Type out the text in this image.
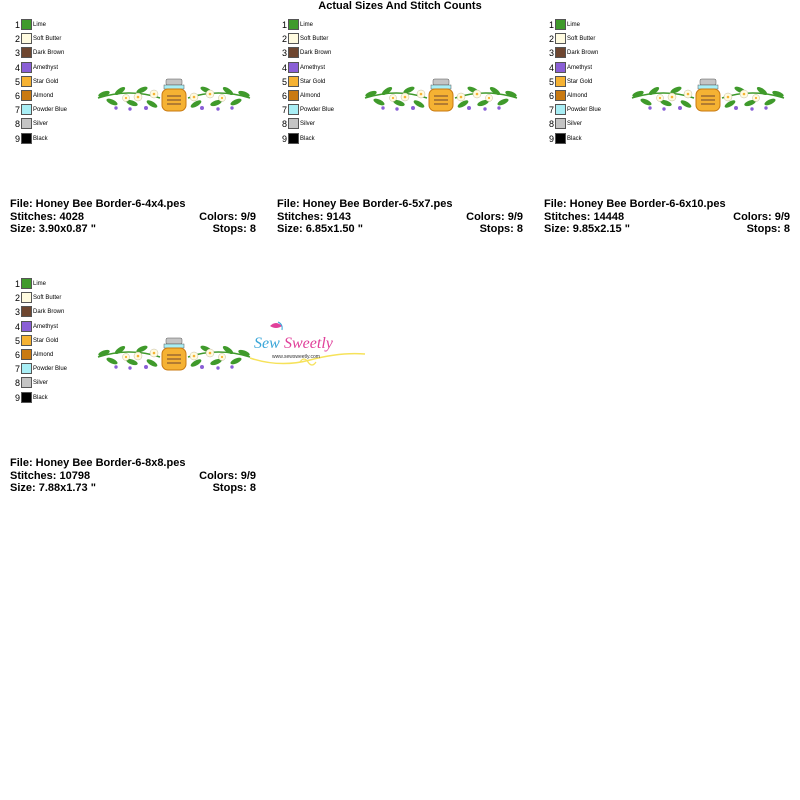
Actual Sizes And Stitch Counts
1 Lime
2 Soft Butter
3 Dark Brown
4 Amethyst
5 Star Gold
6 Almond
7 Powder Blue
8 Silver
9 Black
File: Honey Bee Border-6-4x4.pes
Stitches: 4028	Colors: 9/9
Size: 3.90x0.87 "	Stops: 8
1 Lime
2 Soft Butter
3 Dark Brown
4 Amethyst
5 Star Gold
6 Almond
7 Powder Blue
8 Silver
9 Black
File: Honey Bee Border-6-5x7.pes
Stitches: 9143	Colors: 9/9
Size: 6.85x1.50 "	Stops: 8
1 Lime
2 Soft Butter
3 Dark Brown
4 Amethyst
5 Star Gold
6 Almond
7 Powder Blue
8 Silver
9 Black
File: Honey Bee Border-6-6x10.pes
Stitches: 14448	Colors: 9/9
Size: 9.85x2.15 "	Stops: 8
1 Lime
2 Soft Butter
3 Dark Brown
4 Amethyst
5 Star Gold
6 Almond
7 Powder Blue
8 Silver
9 Black
File: Honey Bee Border-6-8x8.pes
Stitches: 10798	Colors: 9/9
Size: 7.88x1.73 "	Stops: 8
Sew Sweetly
www.sewsweetly.com
